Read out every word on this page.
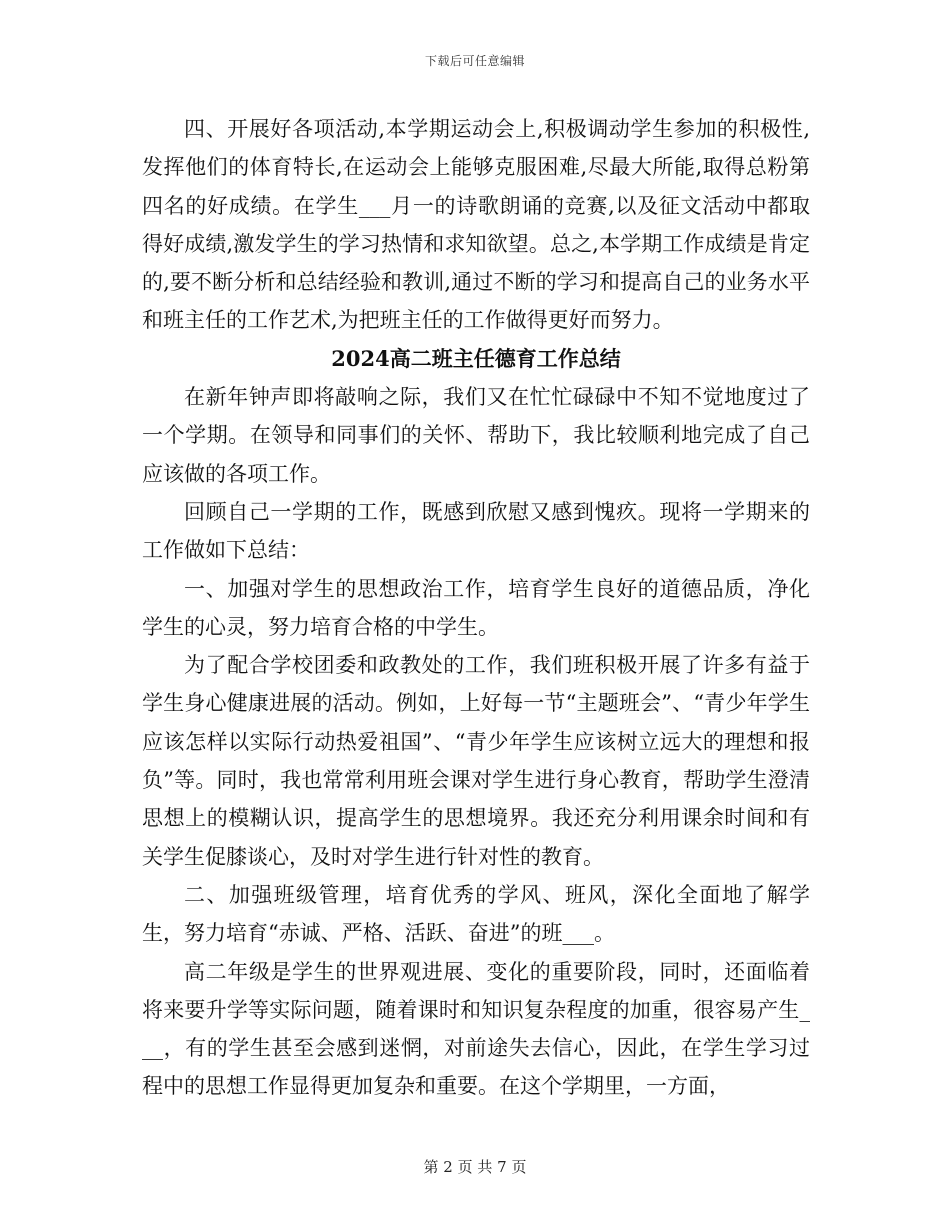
下载后可任意编辑

四、开展好各项活动,本学期运动会上,积极调动学生参加的积极性,发挥他们的体育特长,在运动会上能够克服困难,尽最大所能,取得总粉第四名的好成绩。在学生___月一的诗歌朗诵的竞赛,以及征文活动中都取得好成绩,激发学生的学习热情和求知欲望。总之,本学期工作成绩是肯定的,要不断分析和总结经验和教训,通过不断的学习和提高自己的业务水平和班主任的工作艺术,为把班主任的工作做得更好而努力。

2024高二班主任德育工作总结

在新年钟声即将敲响之际，我们又在忙忙碌碌中不知不觉地度过了一个学期。在领导和同事们的关怀、帮助下，我比较顺利地完成了自己应该做的各项工作。

回顾自己一学期的工作，既感到欣慰又感到愧疚。现将一学期来的工作做如下总结：

一、加强对学生的思想政治工作，培育学生良好的道德品质，净化学生的心灵，努力培育合格的中学生。

为了配合学校团委和政教处的工作，我们班积极开展了许多有益于学生身心健康进展的活动。例如，上好每一节“主题班会”、“青少年学生应该怎样以实际行动热爱祖国”、“青少年学生应该树立远大的理想和报负”等。同时，我也常常利用班会课对学生进行身心教育，帮助学生澄清思想上的模糊认识，提高学生的思想境界。我还充分利用课余时间和有关学生促膝谈心，及时对学生进行针对性的教育。

二、加强班级管理，培育优秀的学风、班风，深化全面地了解学生，努力培育“赤诚、严格、活跃、奋进”的班___。

高二年级是学生的世界观进展、变化的重要阶段，同时，还面临着将来要升学等实际问题，随着课时和知识复杂程度的加重，很容易产生___，有的学生甚至会感到迷惘，对前途失去信心，因此，在学生学习过程中的思想工作显得更加复杂和重要。在这个学期里，一方面，

第 2 页 共 7 页
